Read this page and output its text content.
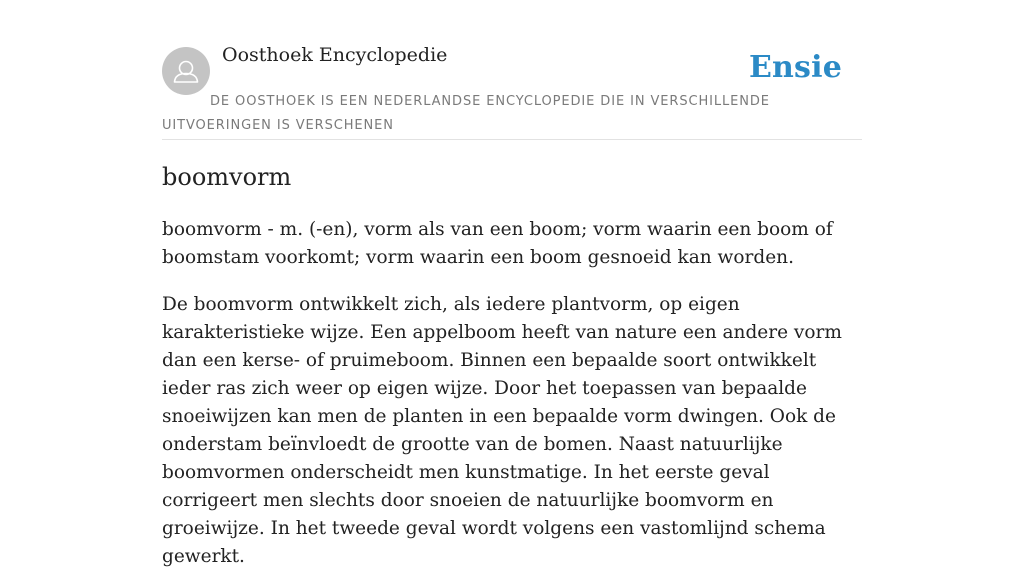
Oosthoek Encyclopedie	Ensie
DE OOSTHOEK IS EEN NEDERLANDSE ENCYCLOPEDIE DIE IN VERSCHILLENDE UITVOERINGEN IS VERSCHENEN
boomvorm

boomvorm - m. (-en), vorm als van een boom; vorm waarin een boom of boomstam voorkomt; vorm waarin een boom gesnoeid kan worden.

De boomvorm ontwikkelt zich, als iedere plantvorm, op eigen karakteristieke wijze. Een appelboom heeft van nature een andere vorm dan een kerse- of pruimeboom. Binnen een bepaalde soort ontwikkelt ieder ras zich weer op eigen wijze. Door het toepassen van bepaalde snoeiwijzen kan men de planten in een bepaalde vorm dwingen. Ook de onderstam beïnvloedt de grootte van de bomen. Naast natuurlijke boomvormen onderscheidt men kunstmatige. In het eerste geval corrigeert men slechts door snoeien de natuurlijke boomvorm en groeiwijze. In het tweede geval wordt volgens een vastomlijnd schema gewerkt.
